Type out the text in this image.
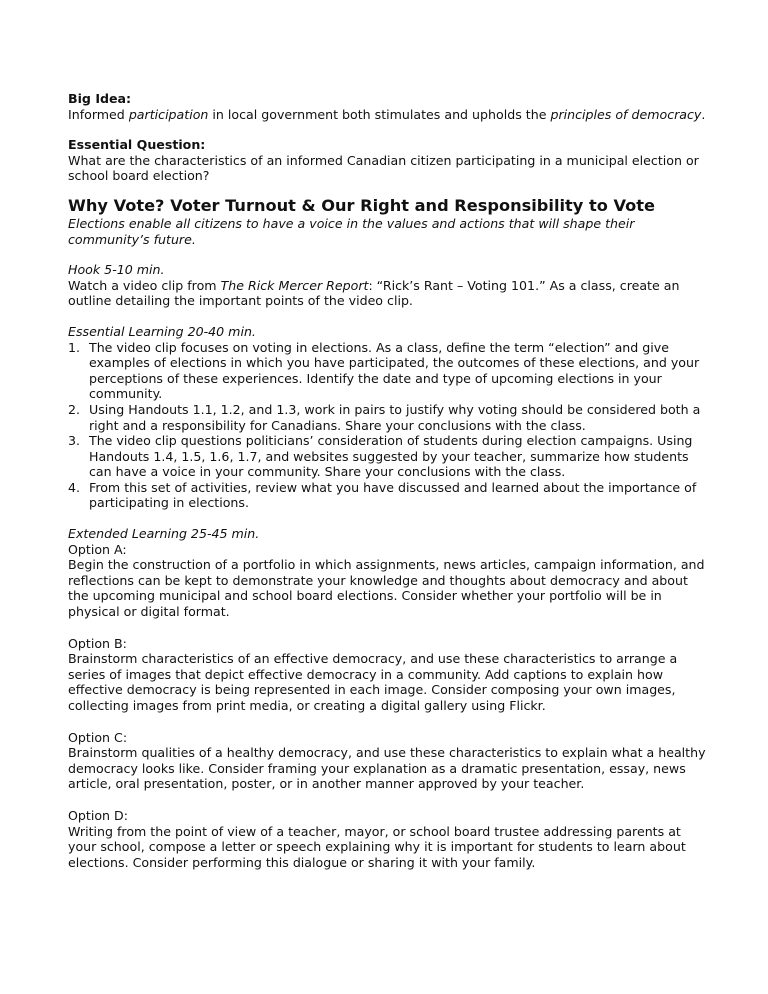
Big Idea:

Informed participation in local government both stimulates and upholds the principles of democracy.

Essential Question:

What are the characteristics of an informed Canadian citizen participating in a municipal election or school board election?

Why Vote? Voter Turnout & Our Right and Responsibility to Vote

Elections enable all citizens to have a voice in the values and actions that will shape their community’s future.

Hook 5-10 min.

Watch a video clip from The Rick Mercer Report: “Rick’s Rant – Voting 101.” As a class, create an outline detailing the important points of the video clip.

Essential Learning 20-40 min.

1. The video clip focuses on voting in elections. As a class, define the term “election” and give examples of elections in which you have participated, the outcomes of these elections, and your perceptions of these experiences. Identify the date and type of upcoming elections in your community.
2. Using Handouts 1.1, 1.2, and 1.3, work in pairs to justify why voting should be considered both a right and a responsibility for Canadians. Share your conclusions with the class.
3. The video clip questions politicians’ consideration of students during election campaigns. Using Handouts 1.4, 1.5, 1.6, 1.7, and websites suggested by your teacher, summarize how students can have a voice in your community. Share your conclusions with the class.
4. From this set of activities, review what you have discussed and learned about the importance of participating in elections.

Extended Learning 25-45 min.

Option A:

Begin the construction of a portfolio in which assignments, news articles, campaign information, and reflections can be kept to demonstrate your knowledge and thoughts about democracy and about the upcoming municipal and school board elections. Consider whether your portfolio will be in physical or digital format.

Option B:

Brainstorm characteristics of an effective democracy, and use these characteristics to arrange a series of images that depict effective democracy in a community. Add captions to explain how effective democracy is being represented in each image. Consider composing your own images, collecting images from print media, or creating a digital gallery using Flickr.

Option C:

Brainstorm qualities of a healthy democracy, and use these characteristics to explain what a healthy democracy looks like. Consider framing your explanation as a dramatic presentation, essay, news article, oral presentation, poster, or in another manner approved by your teacher.

Option D:

Writing from the point of view of a teacher, mayor, or school board trustee addressing parents at your school, compose a letter or speech explaining why it is important for students to learn about elections. Consider performing this dialogue or sharing it with your family.
